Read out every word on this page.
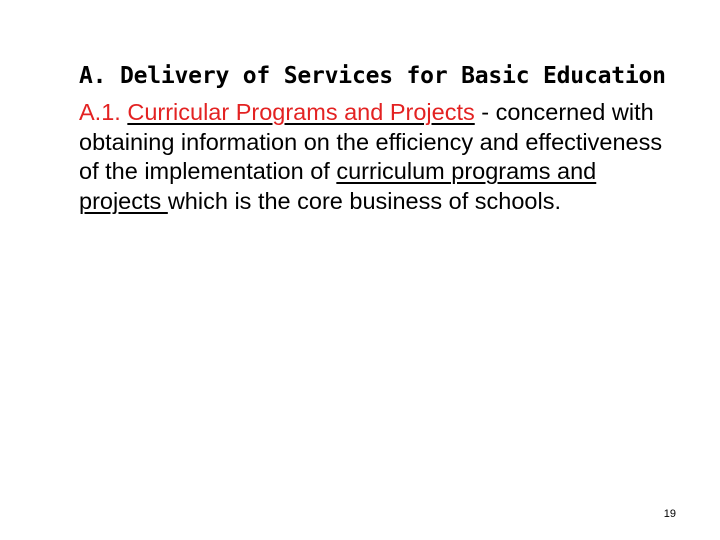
A. Delivery of Services for Basic Education

A.1. Curricular Programs and Projects - concerned with obtaining information on the efficiency and effectiveness of the implementation of curriculum programs and projects which is the core business of schools.

19
